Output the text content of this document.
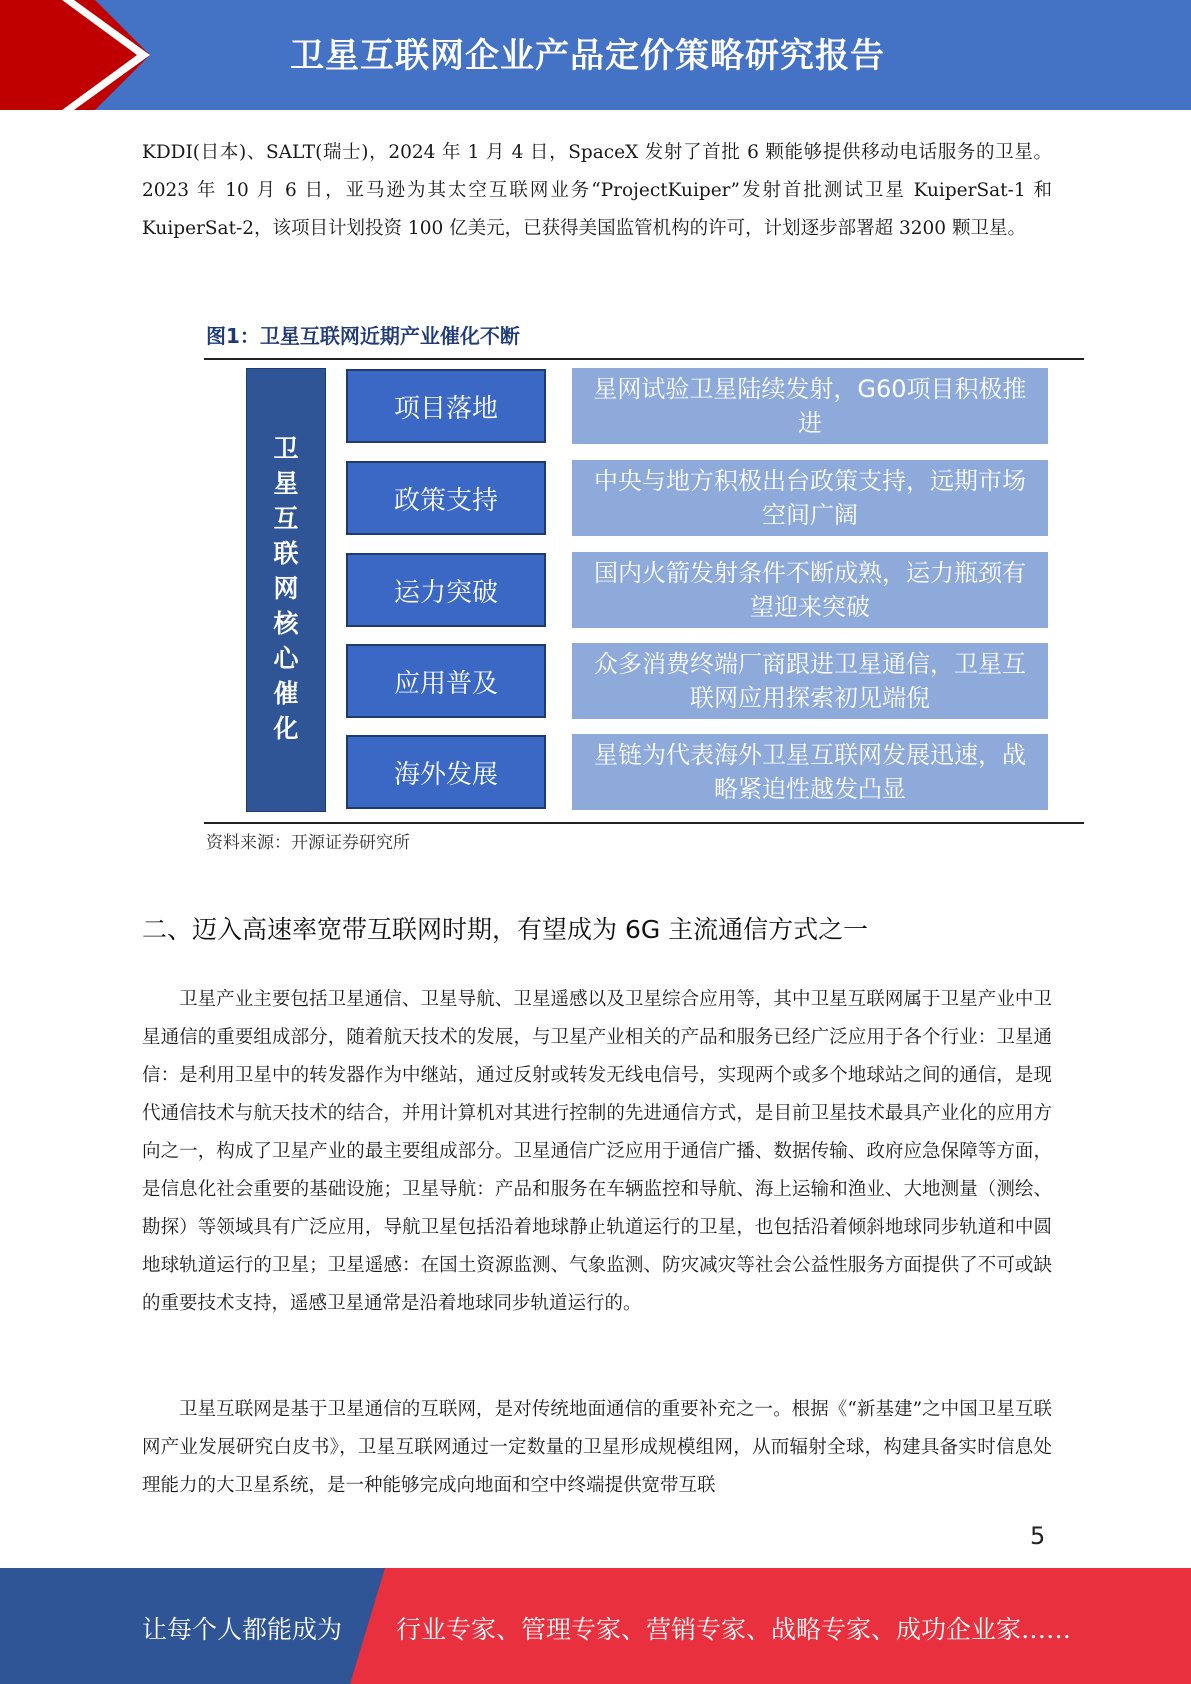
卫星互联网企业产品定价策略研究报告

KDDI(日本)、SALT(瑞士)，2024 年 1 月 4 日，SpaceX 发射了首批 6 颗能够提供移动电话服务的卫星。2023 年 10 月 6 日，亚马逊为其太空互联网业务“ProjectKuiper”发射首批测试卫星 KuiperSat-1 和 KuiperSat-2，该项目计划投资 100 亿美元，已获得美国监管机构的许可，计划逐步部署超 3200 颗卫星。

图1：卫星互联网近期产业催化不断
卫
星
互
联
网
核
心
催
化
项目落地
星网试验卫星陆续发射，G60项目积极推进
政策支持
中央与地方积极出台政策支持，远期市场空间广阔
运力突破
国内火箭发射条件不断成熟，运力瓶颈有望迎来突破
应用普及
众多消费终端厂商跟进卫星通信，卫星互联网应用探索初见端倪
海外发展
星链为代表海外卫星互联网发展迅速，战略紧迫性越发凸显
资料来源：开源证券研究所
二、迈入高速率宽带互联网时期，有望成为 6G 主流通信方式之一

卫星产业主要包括卫星通信、卫星导航、卫星遥感以及卫星综合应用等，其中卫星互联网属于卫星产业中卫星通信的重要组成部分，随着航天技术的发展，与卫星产业相关的产品和服务已经广泛应用于各个行业：卫星通信：是利用卫星中的转发器作为中继站，通过反射或转发无线电信号，实现两个或多个地球站之间的通信，是现代通信技术与航天技术的结合，并用计算机对其进行控制的先进通信方式，是目前卫星技术最具产业化的应用方向之一，构成了卫星产业的最主要组成部分。卫星通信广泛应用于通信广播、数据传输、政府应急保障等方面，是信息化社会重要的基础设施；卫星导航：产品和服务在车辆监控和导航、海上运输和渔业、大地测量（测绘、勘探）等领域具有广泛应用，导航卫星包括沿着地球静止轨道运行的卫星，也包括沿着倾斜地球同步轨道和中圆地球轨道运行的卫星；卫星遥感：在国土资源监测、气象监测、防灾减灾等社会公益性服务方面提供了不可或缺的重要技术支持，遥感卫星通常是沿着地球同步轨道运行的。

卫星互联网是基于卫星通信的互联网，是对传统地面通信的重要补充之一。根据《“新基建”之中国卫星互联网产业发展研究白皮书》，卫星互联网通过一定数量的卫星形成规模组网，从而辐射全球，构建具备实时信息处理能力的大卫星系统，是一种能够完成向地面和空中终端提供宽带互联

5
让每个人都能成为 行业专家、管理专家、营销专家、战略专家、成功企业家……
